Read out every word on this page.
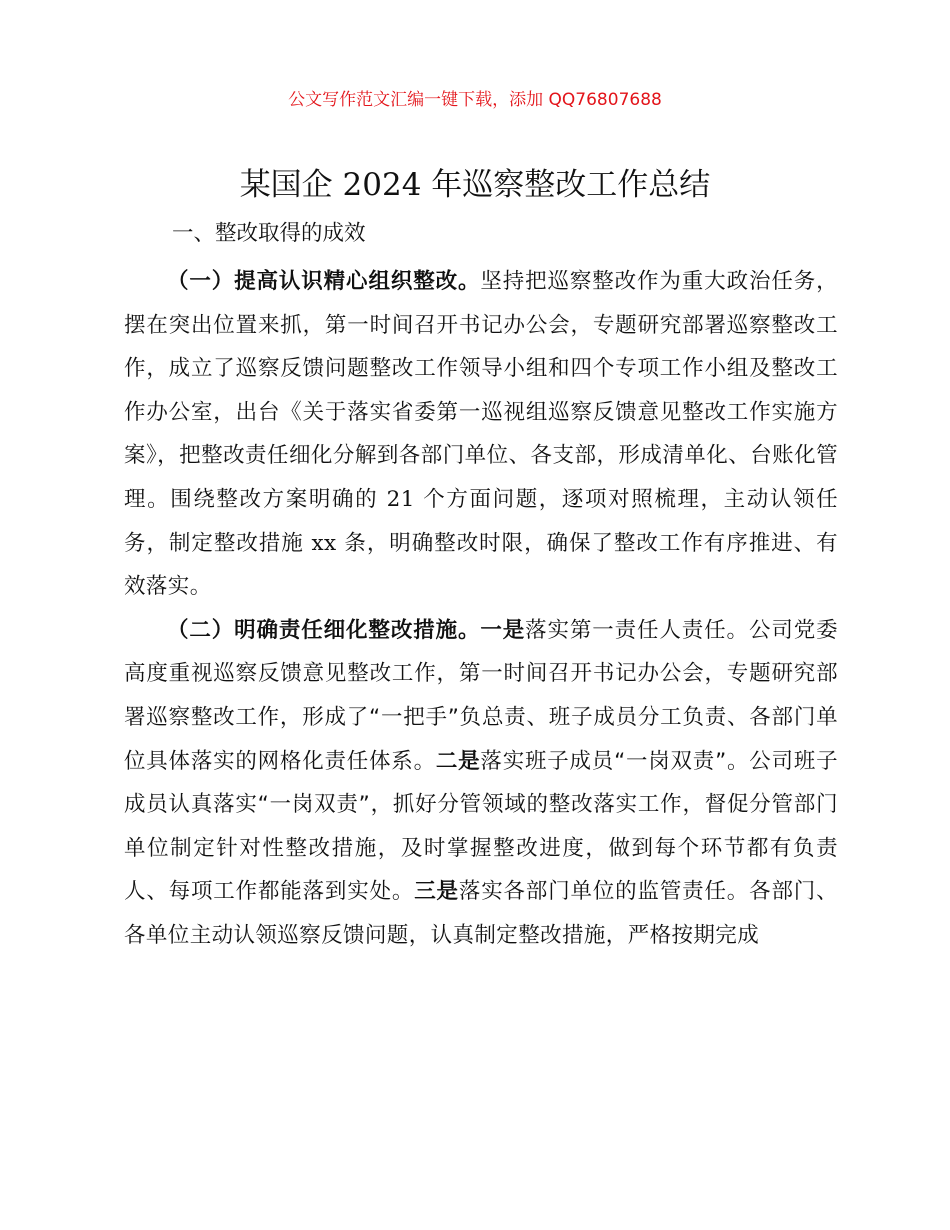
公文写作范文汇编一键下载，添加 QQ76807688
某国企 2024 年巡察整改工作总结
一、整改取得的成效

（一）提高认识精心组织整改。坚持把巡察整改作为重大政治任务，摆在突出位置来抓，第一时间召开书记办公会，专题研究部署巡察整改工作，成立了巡察反馈问题整改工作领导小组和四个专项工作小组及整改工作办公室，出台《关于落实省委第一巡视组巡察反馈意见整改工作实施方案》，把整改责任细化分解到各部门单位、各支部，形成清单化、台账化管理。围绕整改方案明确的 21 个方面问题，逐项对照梳理，主动认领任务，制定整改措施 xx 条，明确整改时限，确保了整改工作有序推进、有效落实。

（二）明确责任细化整改措施。一是落实第一责任人责任。公司党委高度重视巡察反馈意见整改工作，第一时间召开书记办公会，专题研究部署巡察整改工作，形成了“一把手”负总责、班子成员分工负责、各部门单位具体落实的网格化责任体系。二是落实班子成员“一岗双责”。公司班子成员认真落实“一岗双责”，抓好分管领域的整改落实工作，督促分管部门单位制定针对性整改措施，及时掌握整改进度，做到每个环节都有负责人、每项工作都能落到实处。三是落实各部门单位的监管责任。各部门、各单位主动认领巡察反馈问题，认真制定整改措施，严格按期完成
